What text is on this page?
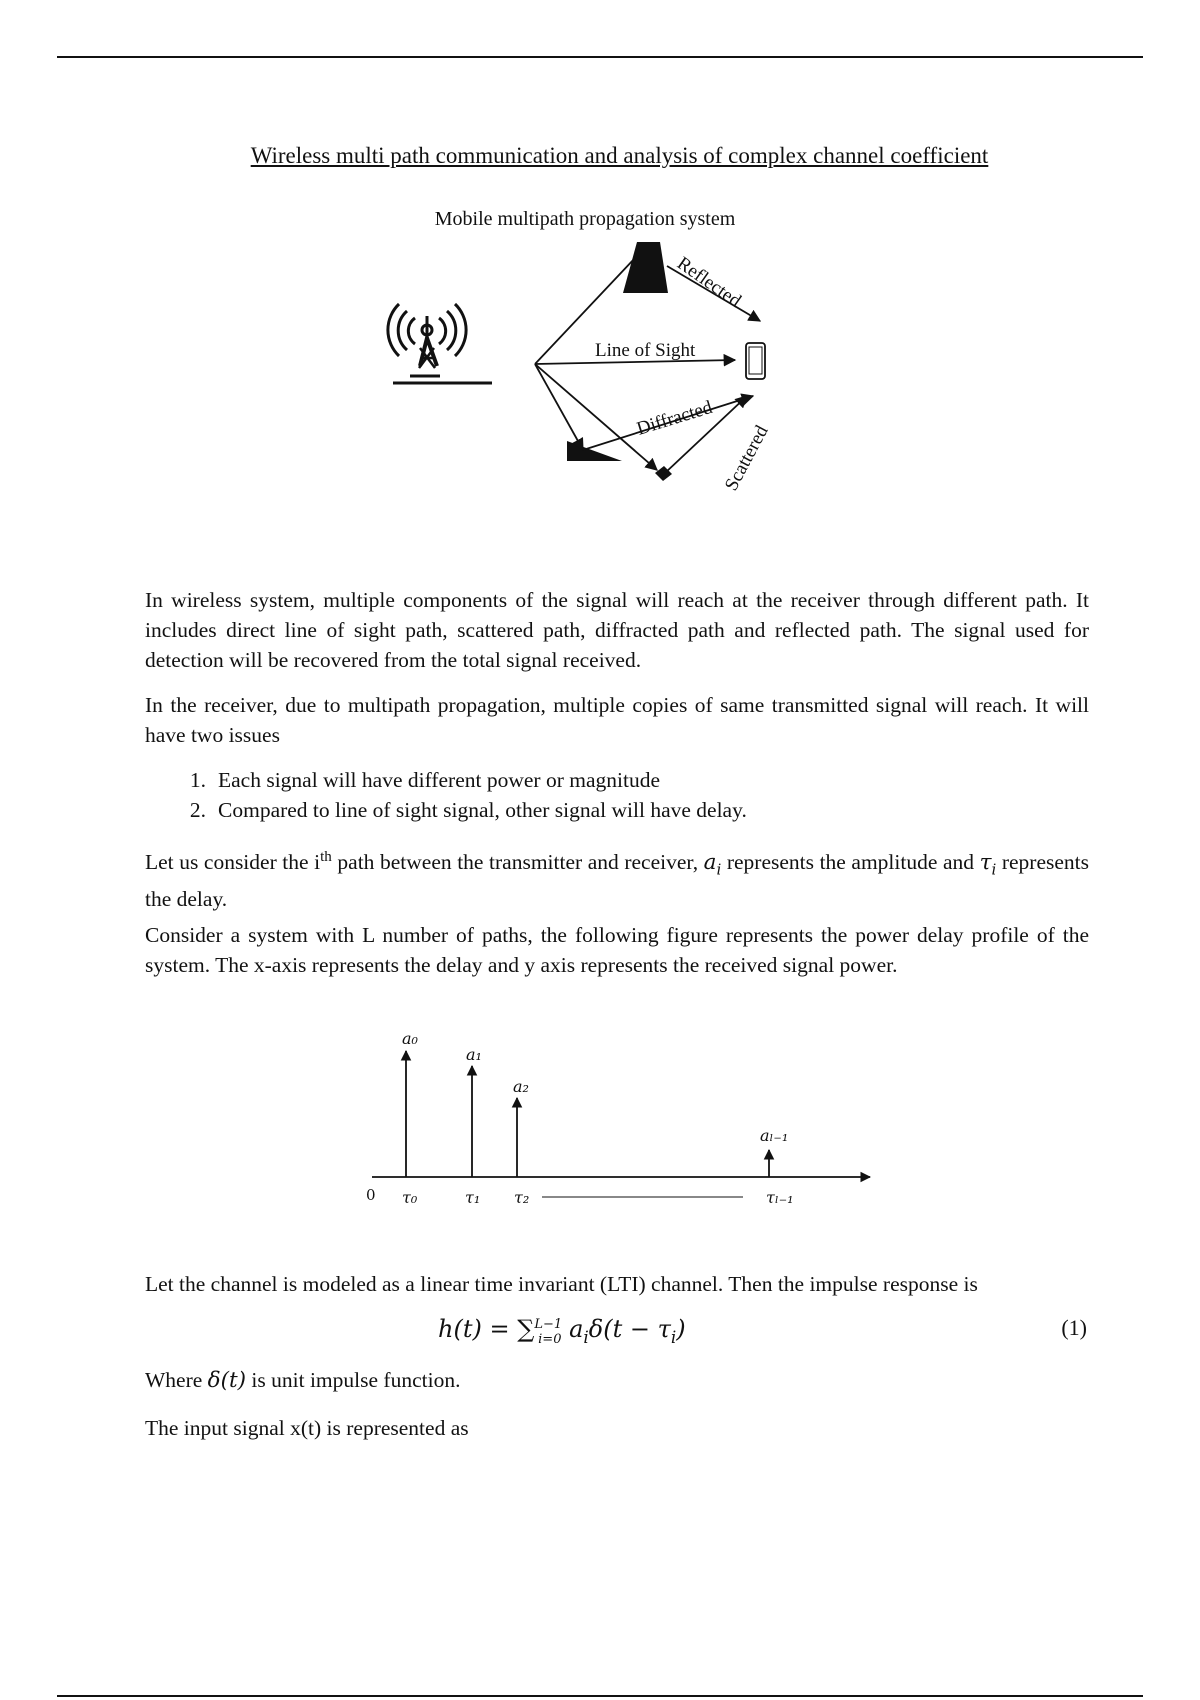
Wireless multi path communication and analysis of complex channel coefficient
Mobile multipath propagation system
Reflected
Line of Sight
Diffracted
Scattered
In wireless system, multiple components of the signal will reach at the receiver through different path. It includes direct line of sight path, scattered path, diffracted path and reflected path. The signal used for detection will be recovered from the total signal received.
In the receiver, due to multipath propagation, multiple copies of same transmitted signal will reach. It will have two issues
1. Each signal will have different power or magnitude
2. Compared to line of sight signal, other signal will have delay.
Let us consider the $i^{th}$ path between the transmitter and receiver, $a_i$ represents the amplitude and $\tau_i$ represents the delay.
Consider a system with L number of paths, the following figure represents the power delay profile of the system. The x-axis represents the delay and y axis represents the received signal power.
0
a₀
a₁
a₂
aₗ₋₁
τ₀	τ₁ τ₂	τₗ₋₁
Let the channel is modeled as a linear time invariant (LTI) channel. Then the impulse response is
h(t) = ∑$^{L-1}_{i=0}$ $a_i\delta(t - \tau_i)$	(1)
Where δ(t) is unit impulse function.
The input signal x(t) is represented as
